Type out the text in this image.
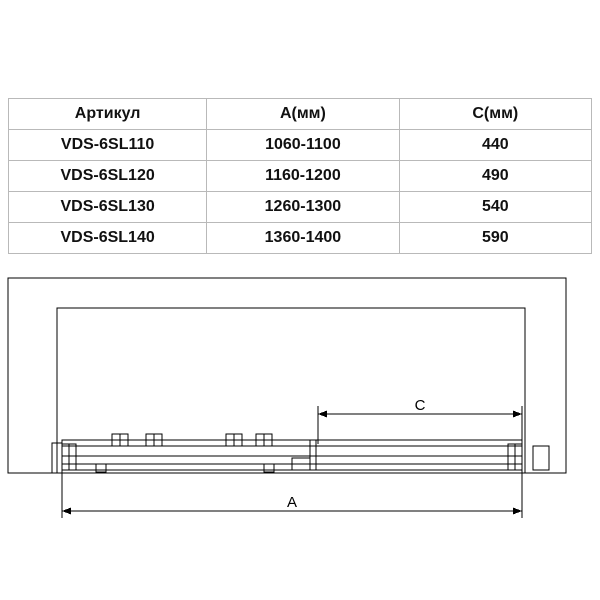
Артикул	A(мм)	C(мм)
VDS-6SL110	1060-1100	440
VDS-6SL120	1160-1200	490
VDS-6SL130	1260-1300	540
VDS-6SL140	1360-1400	590
C
A
